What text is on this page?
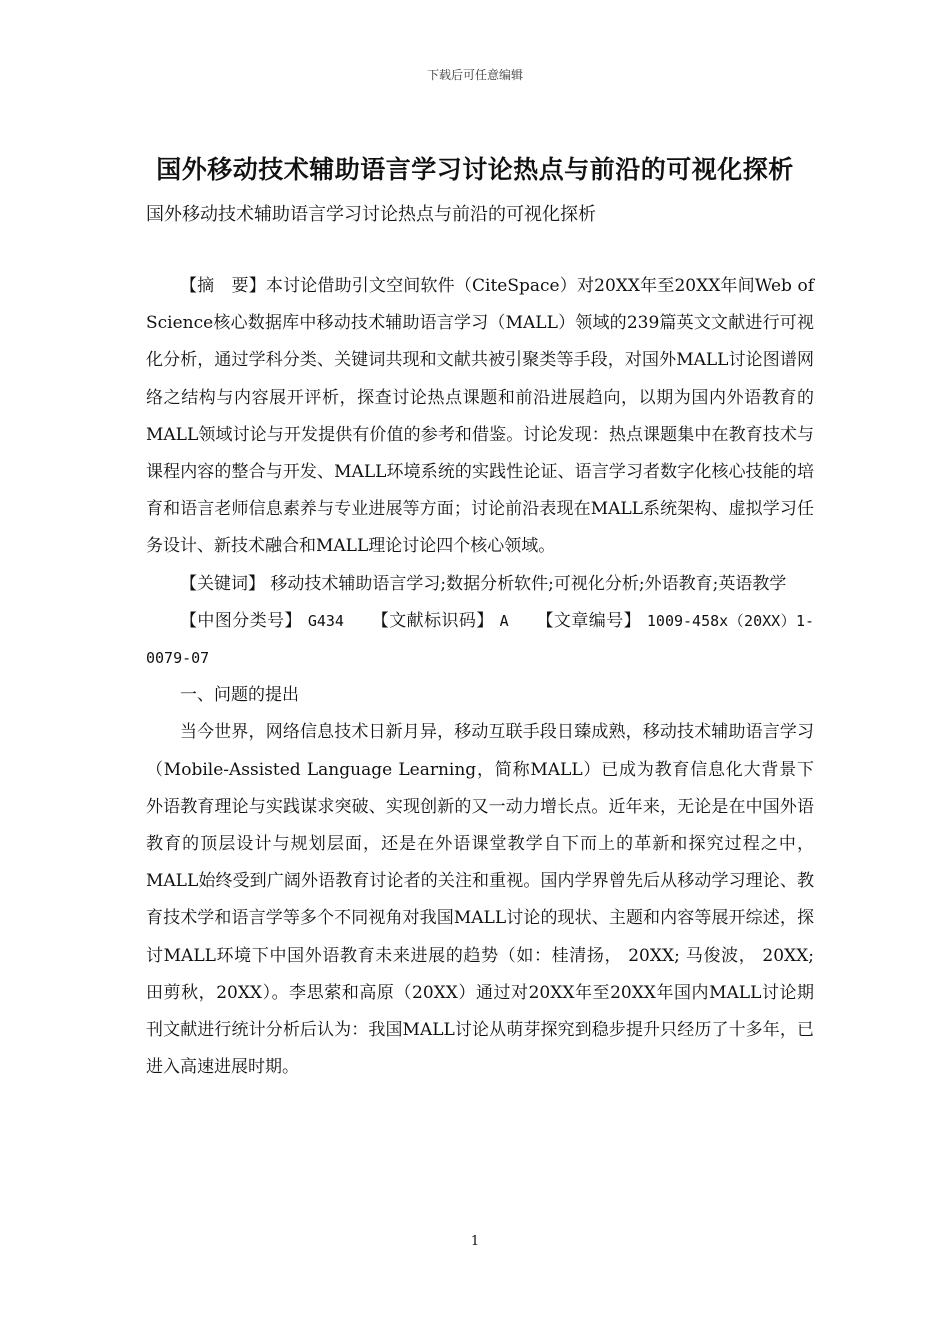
下载后可任意编辑
国外移动技术辅助语言学习讨论热点与前沿的可视化探析
国外移动技术辅助语言学习讨论热点与前沿的可视化探析

【摘　要】本讨论借助引文空间软件（CiteSpace）对20XX年至20XX年间Web of Science核心数据库中移动技术辅助语言学习（MALL）领域的239篇英文文献进行可视化分析，通过学科分类、关键词共现和文献共被引聚类等手段，对国外MALL讨论图谱网络之结构与内容展开评析，探查讨论热点课题和前沿进展趋向，以期为国内外语教育的MALL领域讨论与开发提供有价值的参考和借鉴。讨论发现：热点课题集中在教育技术与课程内容的整合与开发、MALL环境系统的实践性论证、语言学习者数字化核心技能的培育和语言老师信息素养与专业进展等方面；讨论前沿表现在MALL系统架构、虚拟学习任务设计、新技术融合和MALL理论讨论四个核心领域。

【关键词】 移动技术辅助语言学习;数据分析软件;可视化分析;外语教育;英语教学

【中图分类号】 G434 【文献标识码】 A 【文章编号】 1009-458x（20XX）1-0079-07

一、问题的提出

当今世界，网络信息技术日新月异，移动互联手段日臻成熟，移动技术辅助语言学习（Mobile-Assisted Language Learning，简称MALL）已成为教育信息化大背景下外语教育理论与实践谋求突破、实现创新的又一动力增长点。近年来，无论是在中国外语教育的顶层设计与规划层面，还是在外语课堂教学自下而上的革新和探究过程之中，MALL始终受到广阔外语教育讨论者的关注和重视。国内学界曾先后从移动学习理论、教育技术学和语言学等多个不同视角对我国MALL讨论的现状、主题和内容等展开综述，探讨MALL环境下中国外语教育未来进展的趋势（如：桂清扬， 20XX; 马俊波， 20XX; 田剪秋，20XX）。李思萦和高原（20XX）通过对20XX年至20XX年国内MALL讨论期刊文献进行统计分析后认为：我国MALL讨论从萌芽探究到稳步提升只经历了十多年，已进入高速进展时期。

1
